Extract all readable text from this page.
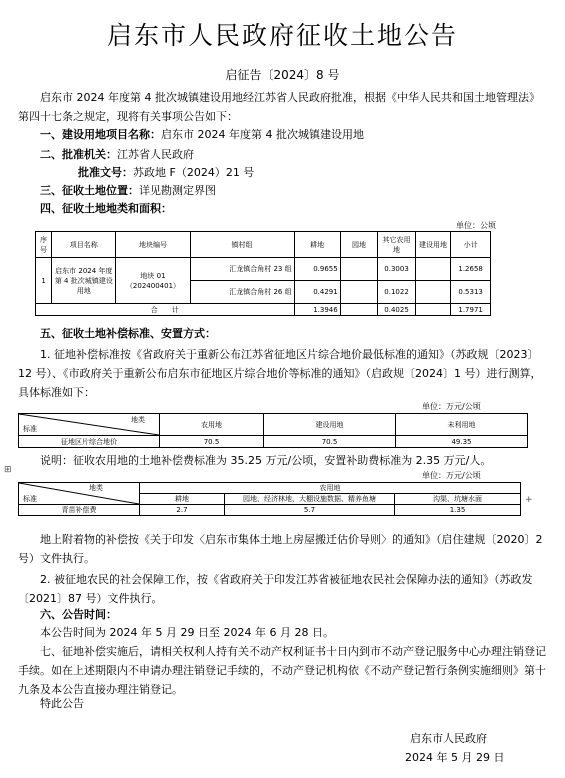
启东市人民政府征收土地公告
启征告〔2024〕8 号
启东市 2024 年度第 4 批次城镇建设用地经江苏省人民政府批准，根据《中华人民共和国土地管理法》第四十七条之规定，现将有关事项公告如下：
一、建设用地项目名称：启东市 2024 年度第 4 批次城镇建设用地
二、批准机关：江苏省人民政府
批准文号：苏政地 F（2024）21 号
三、征收土地位置：详见勘测定界图
四、征收土地地类和面积：
单位：公顷
序号	项目名称	地块编号	镇村组	耕地	园地	其它农用地	建设用地	小计
1	启东市 2024 年度第 4 批次城镇建设用地	地块 01（202400401）	汇龙镇合角村 23 组	0.9655		0.3003		1.2658
			汇龙镇合角村 26 组	0.4291		0.1022		0.5313
合　　计				1.3946		0.4025		1.7971
五、征收土地补偿标准、安置方式：
1. 征地补偿标准按《省政府关于重新公布江苏省征地区片综合地价最低标准的通知》（苏政规〔2023〕12 号）、《市政府关于重新公布启东市征地区片综合地价等标准的通知》（启政规〔2024〕1 号）进行测算，具体标准如下：
单位：万元/公顷
地类
标准	农用地	建设用地	未利用地
征地区片综合地价	70.5	70.5	49.35
说明：征收农用地的土地补偿费标准为 35.25 万元/公顷，安置补助费标准为 2.35 万元/人。
⊞
单位：万元/公顷
地类
标准	农用地		
	耕地	园地、经济林地、大棚设施数据、精养鱼塘	沟渠、坑塘水面
青苗补偿费	2.7	5.7	1.35
+
地上附着物的补偿按《关于印发〈启东市集体土地上房屋搬迁估价导则〉的通知》（启住建规〔2020〕2 号）文件执行。
2. 被征地农民的社会保障工作，按《省政府关于印发江苏省被征地农民社会保障办法的通知》（苏政发〔2021〕87 号）文件执行。
六、公告时间：
本公告时间为 2024 年 5 月 29 日至 2024 年 6 月 28 日。
七、征地补偿实施后，请相关权利人持有关不动产权利证书十日内到市不动产登记服务中心办理注销登记手续。如在上述期限内不申请办理注销登记手续的，不动产登记机构依《不动产登记暂行条例实施细则》第十九条及本公告直接办理注销登记。
特此公告
启东市人民政府
2024 年 5 月 29 日
